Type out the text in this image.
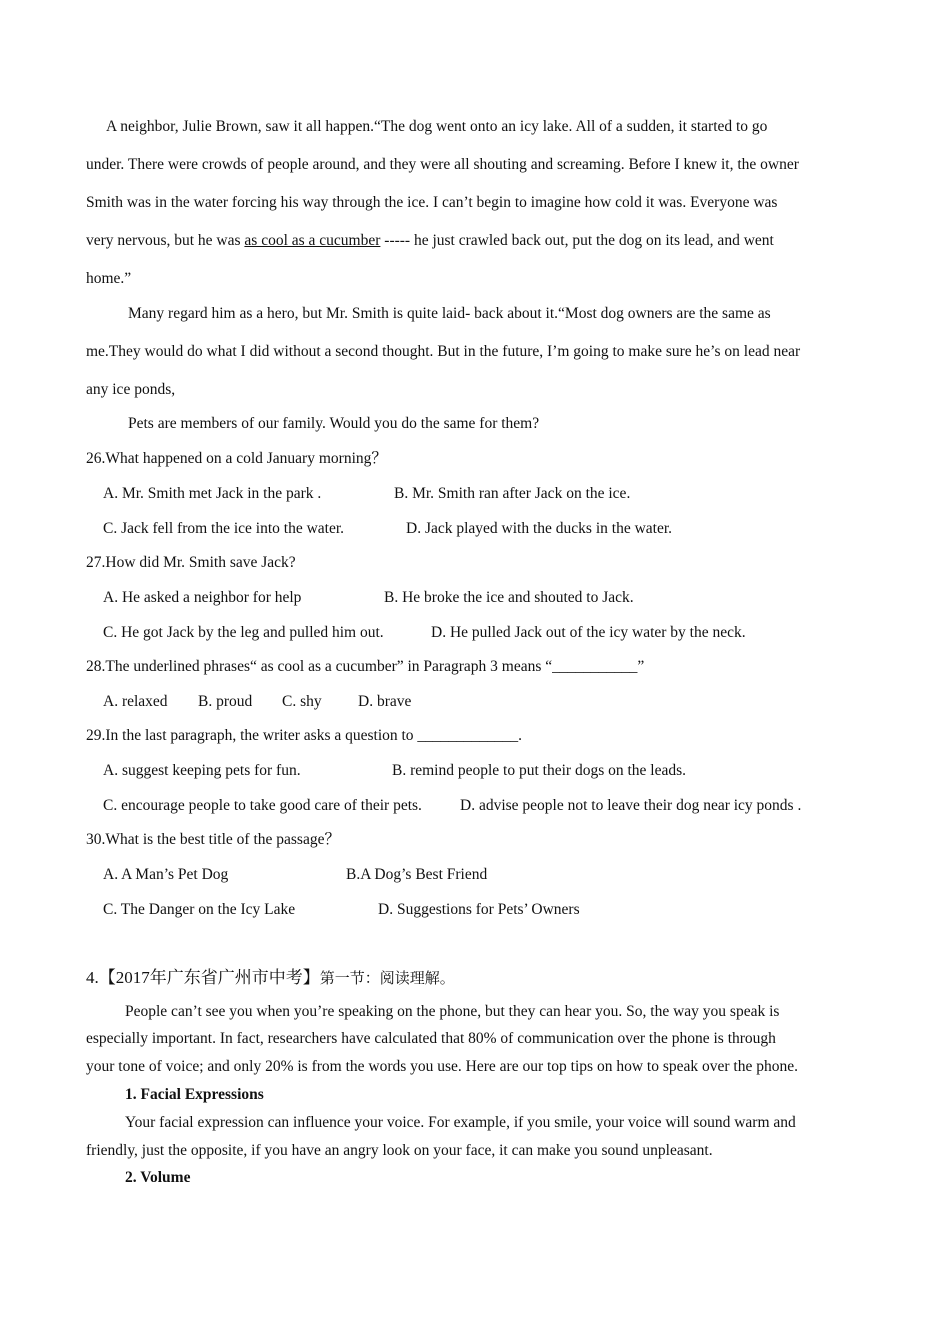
A neighbor, Julie Brown, saw it all happen.“The dog went onto an icy lake. All of a sudden, it started to go
under. There were crowds of people around, and they were all shouting and screaming. Before I knew it, the owner
Smith was in the water forcing his way through the ice. I can’t begin to imagine how cold it was. Everyone was
very nervous, but he was as cool as a cucumber ----- he just crawled back out, put the dog on its lead, and went
home.”
Many regard him as a hero, but Mr. Smith is quite laid- back about it.“Most dog owners are the same as
me.They would do what I did without a second thought. But in the future, I’m going to make sure he’s on lead near
any ice ponds,
Pets are members of our family. Would you do the same for them?
26.What happened on a cold January morning？
A. Mr. Smith met Jack in the park .	B. Mr. Smith ran after Jack on the ice.
C. Jack fell from the ice into the water.	D. Jack played with the ducks in the water.
27.How did Mr. Smith save Jack?
A. He asked a neighbor for help	B. He broke the ice and shouted to Jack.
C. He got Jack by the leg and pulled him out.	D. He pulled Jack out of the icy water by the neck.
28.The underlined phrases“ as cool as a cucumber” in Paragraph 3 means “___________”
A. relaxed B. proud C. shy D. brave
29.In the last paragraph, the writer asks a question to _____________.
A. suggest keeping pets for fun.	B. remind people to put their dogs on the leads.
C. encourage people to take good care of their pets. D. advise people not to leave their dog near icy ponds .
30.What is the best title of the passage？
A. A Man’s Pet Dog	B.A Dog’s Best Friend
C. The Danger on the Icy Lake	D. Suggestions for Pets’ Owners
4.【2017年广东省广州市中考】第一节：阅读理解。
People can’t see you when you’re speaking on the phone, but they can hear you. So, the way you speak is
especially important. In fact, researchers have calculated that 80% of communication over the phone is through
your tone of voice; and only 20% is from the words you use. Here are our top tips on how to speak over the phone.
1. Facial Expressions
Your facial expression can influence your voice. For example, if you smile, your voice will sound warm and
friendly, just the opposite, if you have an angry look on your face, it can make you sound unpleasant.
2. Volume
